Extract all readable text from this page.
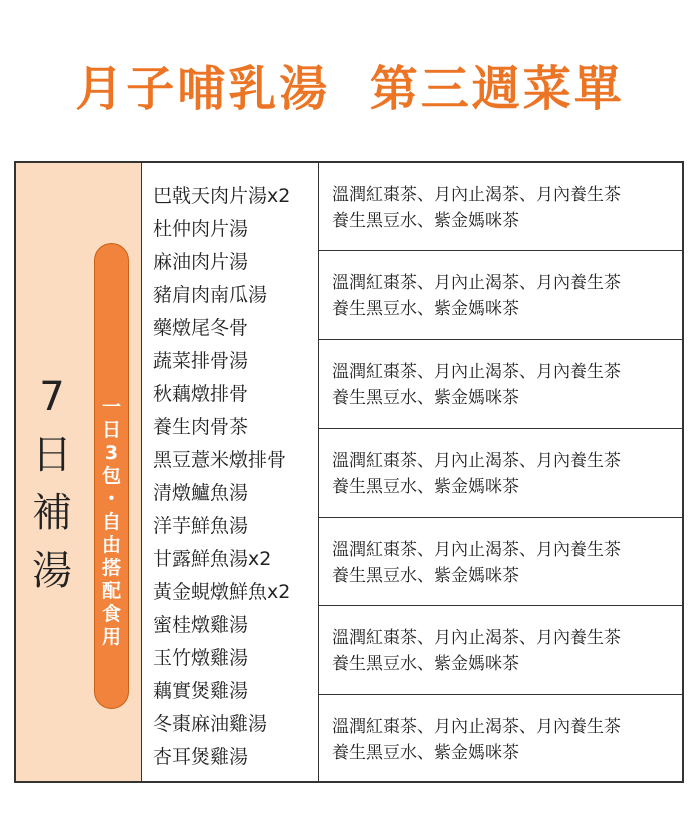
月子哺乳湯  第三週菜單
7
日
補
湯
一
日
3
包
・
自
由
搭
配
食
用
巴戟天肉片湯x2
杜仲肉片湯
麻油肉片湯
豬肩肉南瓜湯
藥燉尾冬骨
蔬菜排骨湯
秋藕燉排骨
養生肉骨茶
黑豆薏米燉排骨
清燉鱸魚湯
洋芋鮮魚湯
甘露鮮魚湯x2
黃金蜆燉鮮魚x2
蜜桂燉雞湯
玉竹燉雞湯
藕實煲雞湯
冬棗麻油雞湯
杏耳煲雞湯
溫潤紅棗茶、月內止渴茶、月內養生茶
養生黑豆水、紫金媽咪茶
溫潤紅棗茶、月內止渴茶、月內養生茶
養生黑豆水、紫金媽咪茶
溫潤紅棗茶、月內止渴茶、月內養生茶
養生黑豆水、紫金媽咪茶
溫潤紅棗茶、月內止渴茶、月內養生茶
養生黑豆水、紫金媽咪茶
溫潤紅棗茶、月內止渴茶、月內養生茶
養生黑豆水、紫金媽咪茶
溫潤紅棗茶、月內止渴茶、月內養生茶
養生黑豆水、紫金媽咪茶
溫潤紅棗茶、月內止渴茶、月內養生茶
養生黑豆水、紫金媽咪茶
